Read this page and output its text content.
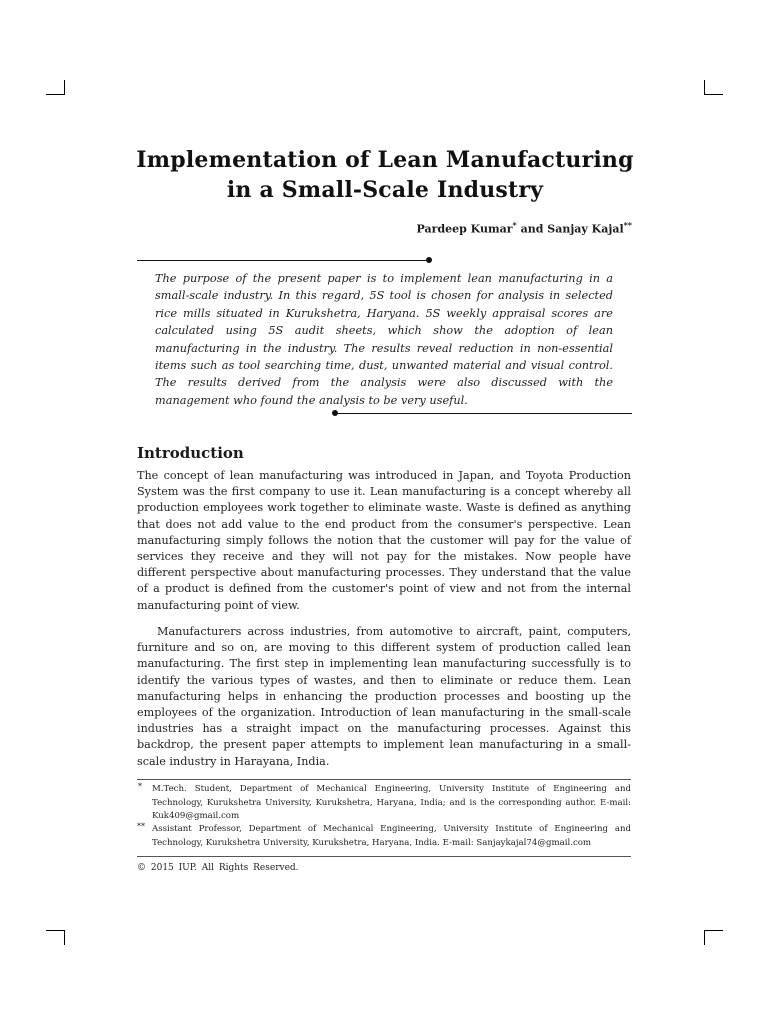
Implementation of Lean Manufacturing
in a Small-Scale Industry
Pardeep Kumar* and Sanjay Kajal**
The purpose of the present paper is to implement lean manufacturing in a small-scale industry. In this regard, 5S tool is chosen for analysis in selected rice mills situated in Kurukshetra, Haryana. 5S weekly appraisal scores are calculated using 5S audit sheets, which show the adoption of lean manufacturing in the industry. The results reveal reduction in non-essential items such as tool searching time, dust, unwanted material and visual control. The results derived from the analysis were also discussed with the management who found the analysis to be very useful.
Introduction
The concept of lean manufacturing was introduced in Japan, and Toyota Production System was the first company to use it. Lean manufacturing is a concept whereby all production employees work together to eliminate waste. Waste is defined as anything that does not add value to the end product from the consumer's perspective. Lean manufacturing simply follows the notion that the customer will pay for the value of services they receive and they will not pay for the mistakes. Now people have different perspective about manufacturing processes. They understand that the value of a product is defined from the customer's point of view and not from the internal manufacturing point of view.
Manufacturers across industries, from automotive to aircraft, paint, computers, furniture and so on, are moving to this different system of production called lean manufacturing. The first step in implementing lean manufacturing successfully is to identify the various types of wastes, and then to eliminate or reduce them. Lean manufacturing helps in enhancing the production processes and boosting up the employees of the organization. Introduction of lean manufacturing in the small-scale industries has a straight impact on the manufacturing processes. Against this backdrop, the present paper attempts to implement lean manufacturing in a small-scale industry in Harayana, India.
* M.Tech. Student, Department of Mechanical Engineering, University Institute of Engineering and Technology, Kurukshetra University, Kurukshetra, Haryana, India; and is the corresponding author. E-mail: Kuk409@gmail.com
** Assistant Professor, Department of Mechanical Engineering, University Institute of Engineering and Technology, Kurukshetra University, Kurukshetra, Haryana, India. E-mail: Sanjaykajal74@gmail.com
© 2015 IUP. All Rights Reserved.
